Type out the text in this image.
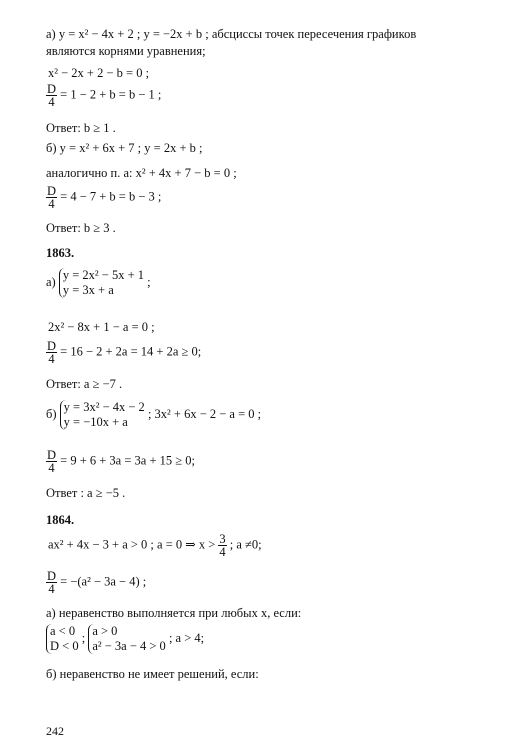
а) y = x² − 4x + 2 ; y = −2x + b ; абсциссы точек пересечения графиков
являются корнями уравнения;
x² − 2x + 2 − b = 0 ;
$\frac{D}{4} = 1 - 2 + b = b - 1$ ;
Ответ: b ≥ 1 .
б) y = x² + 6x + 7 ; y = 2x + b ;
аналогично п. а: x² + 4x + 7 − b = 0 ;
$\frac{D}{4} = 4 - 7 + b = b - 3$ ;
Ответ: b ≥ 3 .
1863.
а) y = 2x² − 5x + 1
y = 3x + a
;
2x² − 8x + 1 − a = 0 ;
$\frac{D}{4} = 16 - 2 + 2a = 14 + 2a \ge 0$;
Ответ: a ≥ −7 .
б) y = 3x² − 4x − 2
y = −10x + a
; 3x² + 6x − 2 − a = 0 ;
$\frac{D}{4} = 9 + 6 + 3a = 3a + 15 \ge 0$;
Ответ : a ≥ −5 .
1864.
ax² + 4x − 3 + a > 0 ; a = 0 ⇒ $x > \frac{3}{4}$ ; a ≠0;
$\frac{D}{4} = -(a^2 - 3a - 4)$ ;
а) неравенство выполняется при любых x, если:
a < 0
D < 0
; a > 0
a² − 3a − 4 > 0
; a > 4;
б) неравенство не имеет решений, если:
242
